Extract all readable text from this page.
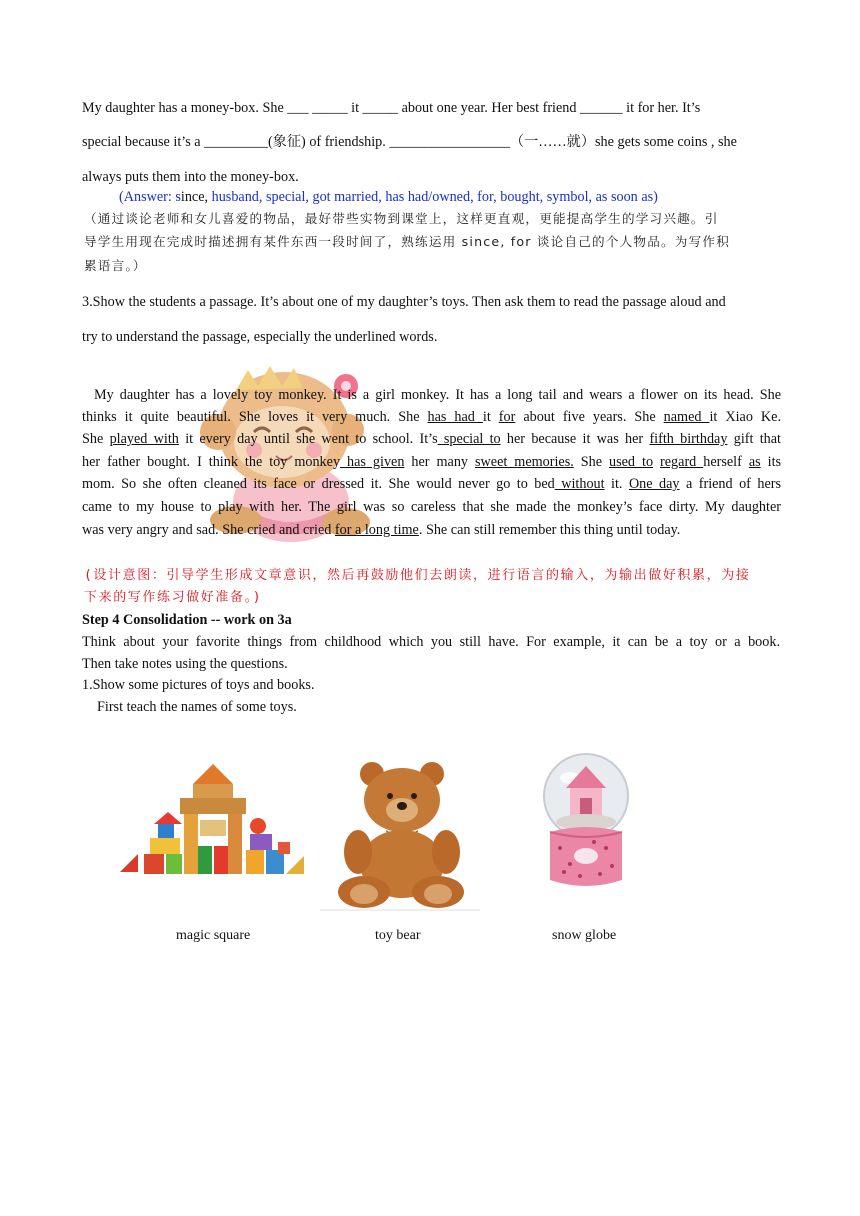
My daughter has a money-box. She ___ _____ it _____ about one year. Her best friend ______ it for her. It’s
special because it’s a _________(象征) of friendship. _________________（一……就）she gets some coins , she
always puts them into the money-box.
(Answer: since, husband, special, got married, has had/owned, for, bought, symbol, as soon as)
（通过谈论老师和女儿喜爱的物品，最好带些实物到课堂上，这样更直观，更能提高学生的学习兴趣。引
导学生用现在完成时描述拥有某件东西一段时间了，熟练运用 since, for 谈论自己的个人物品。为写作积
累语言。）
3.Show the students a passage. It’s about one of my daughter’s toys. Then ask them to read the passage aloud and
try to understand the passage, especially the underlined words.
My daughter has a lovely toy monkey. It is a girl monkey. It has a long tail and wears a flower on its head. She
thinks it quite beautiful. She loves it very much. She has had it for about five years. She named it Xiao Ke.
She played with it every day until she went to school. It’s special to her because it was her fifth birthday gift that
her father bought. I think the toy monkey has given her many sweet memories. She used to regard herself as its
mom. So she often cleaned its face or dressed it. She would never go to bed without it. One day a friend of hers
came to my house to play with her. The girl was so careless that she made the monkey’s face dirty. My daughter
was very angry and sad. She cried and cried for a long time. She can still remember this thing until today.
(设计意图：引导学生形成文章意识，然后再鼓励他们去朗读，进行语言的输入，为输出做好积累，为接
下来的写作练习做好准备。)
Step 4 Consolidation -- work on 3a
Think about your favorite things from childhood which you still have. For example, it can be a toy or a book.
Then take notes using the questions.
1.Show some pictures of toys and books.
First teach the names of some toys.
magic square	toy bear	snow globe
